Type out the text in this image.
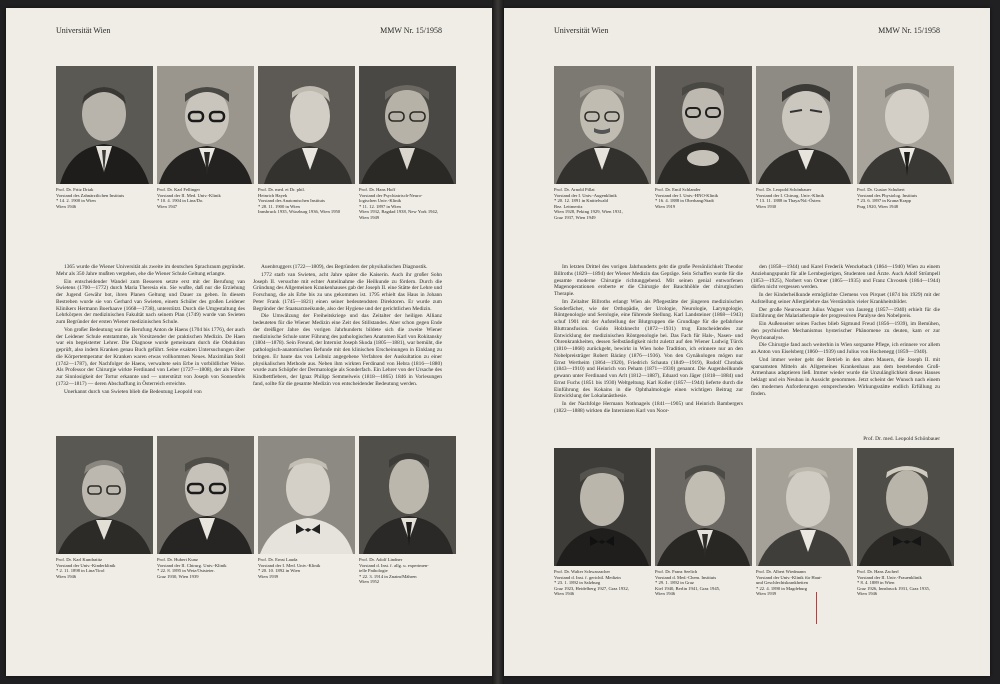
Universität Wien	MMW Nr. 15/1958
Prof. Dr. Fritz Driak
Vorstand des Zahnärztlichen Instituts
* 14. 2. 1900 in Wien
Wien 1946
Prof. Dr. Karl Fellinger
Vorstand der II. Med. Univ.-Klinik
* 10. 4. 1904 in Linz/Do.
Wien 1947
Prof. Dr. med. et Dr. phil.
Heinrich Hayek
Vorstand des Anatomischen Instituts
* 28. 11. 1900 in Wien
Innsbruck 1935, Würzburg 1936, Wien 1950
Prof. Dr. Hans Hoff
Vorstand der Psychiatrisch-Neuro-
logischen Univ.-Klinik
* 11. 12. 1897 in Wien
Wien 1932, Bagdad 1938, New York 1942,
Wien 1949

1365 wurde die Wiener Universität als zweite im deutschen Sprachraum gegründet. Mehr als 350 Jahre mußten vergehen, ehe die Wiener Schule Geltung erlangte.

Ein entscheidender Wandel zum Besseren setzte erst mit der Berufung van Swietens (1700—1772) durch Maria Theresia ein. Sie wußte, daß nur die Erziehung der Jugend Gewähr bot, ihren Planen Geltung und Dauer zu geben. In diesem Bestreben wurde sie von Gerhard van Swieten, einem Schüler des großen Leidener Klinikers Hermann Boerhaave (1668—1738), unterstützt. Durch die Umgestaltung des Lehrkörpers der medizinischen Fakultät nach seinem Plan (1749) wurde van Swieten zum Begründer der ersten Wiener medizinischen Schule.

Von großer Bedeutung war die Berufung Anton de Haens (1704 bis 1776), der auch der Leidener Schule entstammte, als Vorsitzender der praktischen Medizin. De Haen war ein begeisterter Lehrer. Die Diagnose wurde gemeinsam durch die Obduktion geprüft, also indem Kranken genau Buch geführt. Seine exakten Untersuchungen über die Körpertemperatur der Kranken waren etwas vollkommen Neues. Maximilian Stoll (1742—1787), der Nachfolger de Haens, verwaltete sein Erbe in vorbildlicher Weise. Als Professor der Chirurgie wirkte Ferdinand von Leber (1727—1808), der als Führer zur Sinnlosigkeit der Tortur erkannte und — unterstützt von Joseph von Sonnenfels (1732—1817) — deren Abschaffung in Österreich erreichte.

Unerkannt durch van Swieten blieb die Bedeutung Leopold von

Auenbruggers (1722—1809), des Begründers der physikalischen Diagnostik.

1772 starb van Swieten, acht Jahre später die Kaiserin. Auch ihr großer Sohn Joseph II. versuchte mit echter Anteilnahme die Heilkunde zu fördern. Durch die Gründung des Allgemeinen Krankenhauses gab der Joseph II. eine Stätte der Lehre und Forschung, die als Erbe bis zu uns gekommen ist. 1795 erhielt das Haus in Johann Peter Frank (1745—1821) einen seiner bedeutendsten Direktoren. Er wurde zum Begründer der Staatsarzneikunde, also der Hygiene und der gerichtlichen Medizin.

Die Umwälzung der Freiheitskriege und das Zeitalter der heiligen Allianz bedeuteten für die Wiener Medizin eine Zeit des Stillstandes. Aber schon gegen Ende der dreißiger Jahre des vorigen Jahrhunderts bildete sich die zweite Wiener medizinische Schule unter Führung des pathologischen Anatomen Karl von Rokitansky (1804—1878). Sein Freund, der Internist Joseph Skoda (1805—1881), war bemüht, die pathologisch-anatomischen Befunde mit den klinischen Erscheinungen in Einklang zu bringen. Er baute das von Leibniz angegebene Verfahren der Auskultation zu einer physikalischen Methode aus. Neben ihm wirkten Ferdinand von Hebra (1816—1880) wurde zum Schöpfer der Dermatologie als Sonderfach. Ein Lehrer von der Ursache des Kindbettfiebers, der Ignaz Philipp Semmelweis (1818—1865) 1846 in Vorlesungen fand, sollte für die gesamte Medizin von entscheidender Bedeutung werden.

Prof. Dr. Karl Kundratitz
Vorstand der Univ.-Kinderklinik
* 2. 11. 1898 in Linz/Tirol
Wien 1946
Prof. Dr. Hubert Kunz
Vorstand der II. Chirurg. Univ.-Klinik
* 22. 8. 1895 in Weiz/Oststeier.
Graz 1930, Wien 1939
Prof. Dr. Ernst Lauda
Vorstand der I. Med. Univ.-Klinik
* 20. 10. 1892 in Wien
Wien 1939
Prof. Dr. Adolf Lindner
Vorstand d. Inst. f. allg. u. experimen-
telle Pathologie
* 22. 3. 1914 in Znaim/Mähren
Wien 1952
Universität Wien	MMW Nr. 15/1958
Prof. Dr. Arnold Pillat
Vorstand der I. Univ.-Augenklinik
* 20. 12. 1891 in Knittelwald
Bez. Leitmeritz
Wien 1928, Peking 1929, Wien 1931,
Graz 1937, Wien 1949
Prof. Dr. Emil Schlander
Vorstand der I. Univ.-HNO-Klinik
* 16. 4. 1888 in Oberhang/Stadt
Wien 1919
Prof. Dr. Leopold Schönbauer
Vorstand der I. Chirurg. Univ.-Klinik
* 13. 11. 1888 in Thaya/Nd.-Österr.
Wien 1930
Prof. Dr. Gustav Schubert
Vorstand des Physiolog. Instituts
* 23. 6. 1897 in Kranz/Krapp
Prag 1920, Wien 1948

Im letzten Drittel des vorigen Jahrhunderts geht die große Persönlichkeit Theodor Billroths (1829—1894) der Wiener Medizin das Gepräge. Sein Schaffen wurde für die gesamte moderne Chirurgie richtunggebend. Mit seinen genial entworfenen Magenoperationen eroberte er die Chirurgie der Bauchhöhle der chirurgischen Therapie.

Im Zeitalter Billroths erlangt Wien als Pflegestätte der jüngeren medizinischen Sonderfächer, wie der Orthopädie, der Urologie, Neurologie, Laryngologie, Röntgenologie und Serologie, eine führende Stellung. Karl Landsteiner (1868—1943) schuf 1901 mit der Aufstellung der Blutgruppen die Grundlage für die gefahrlose Bluttransfusion. Guido Holzknecht (1872—1931) trug Entscheidendes zur Entwicklung der medizinischen Röntgenologie bei. Das Fach für Hals-, Nasen- und Ohrenkrankheiten, dessen Selbständigkeit nicht zuletzt auf den Wiener Ludwig Türck (1810—1868) zurückgeht, bewirkt in Wien hohe Tradition, ich erinnere nur an den Nobelpreisträger Robert Bárány (1876—1936). Von den Gynäkologen mögen nur Ernst Wertheim (1864—1920), Friedrich Schauta (1849—1919), Rudolf Chrobak (1843—1910) und Heinrich von Peham (1871—1930) genannt. Die Augenheilkunde gewann unter Ferdinand von Arlt (1812—1887), Eduard von Jäger (1818—1884) und Ernst Fuchs (1851 bis 1930) Weltgeltung. Karl Koller (1857—1944) lieferte durch die Einführung des Kokains in die Ophthalmologie einen wichtigen Beitrag zur Entwicklung der Lokalanästhesie.

In der Nachfolge Hermann Nothnagels (1841—1905) und Heinrich Bambergers (1822—1888) wirkten die Internisten Karl von Noor-

den (1858—1944) und Karel Frederik Wenckebach (1864—1940) Wien zu einem Anziehungspunkt für alle Lernbegierigen, Studenten und Ärzte. Auch Adolf Strümpell (1853—1925), Norbert von Ortner (1865—1935) und Franz Chvostek (1864—1944) dürfen nicht vergessen werden.

In der Kinderheilkunde ermöglichte Clemens von Pirquet (1874 bis 1929) mit der Aufstellung seiner Allergielehre das Verständnis vieler Krankheitsbilder.

Der große Neurowarzt Julius Wagner von Jauregg (1857—1940) erhielt für die Einführung der Malariatherapie der progressiven Paralyse den Nobelpreis.

Ein Außenseiter seines Faches blieb Sigmund Freud (1856—1939), im Bemühen, den psychischen Mechanismus hysterischer Phänomene zu deuten, kam er zur Psychoanalyse.

Die Chirurgie fand auch weiterhin in Wien sorgsame Pflege, ich erinnere vor allem an Anton von Eiselsberg (1860—1939) und Julius von Hochenegg (1859—1940).

Und immer weiter geht der Betrieb in den alten Mauern, die Joseph II. mit sparsamsten Mitteln als Allgemeines Krankenhaus aus dem bestehenden Groß-Armenhaus adaptieren ließ. Immer wieder wurde die Unzulänglichkeit dieses Hauses beklagt und ein Neubau in Aussicht genommen. Jetzt scheint der Wunsch nach einem den modernen Anforderungen entsprechenden Wirkungsstätte endlich Erfüllung zu finden.

Prof. Dr. med. Leopold Schönbauer
Prof. Dr. Walter Schwarzacher
Vorstand d. Inst. f. gerichtl. Medizin
* 23. 1. 1892 in Salzburg
Graz 1923, Heidelberg 1927, Graz 1932,
Wien 1946
Prof. Dr. Franz Seelich
Vorstand d. Med.-Chem. Instituts
* 29. 1. 1892 in Graz
Kiel 1940, Berlin 1941, Graz 1945,
Wien 1946
Prof. Dr. Albert Wiedmann
Vorstand der Univ.-Klinik für Haut-
und Geschlechtskrankheiten
* 22. 4. 1890 in Magdeburg
Wien 1939
Prof. Dr. Hans Zacherl
Vorstand der II. Univ.-Frauenklinik
* 8. 4. 1889 in Wien
Graz 1926, Innsbruck 1931, Graz 1935,
Wien 1946
